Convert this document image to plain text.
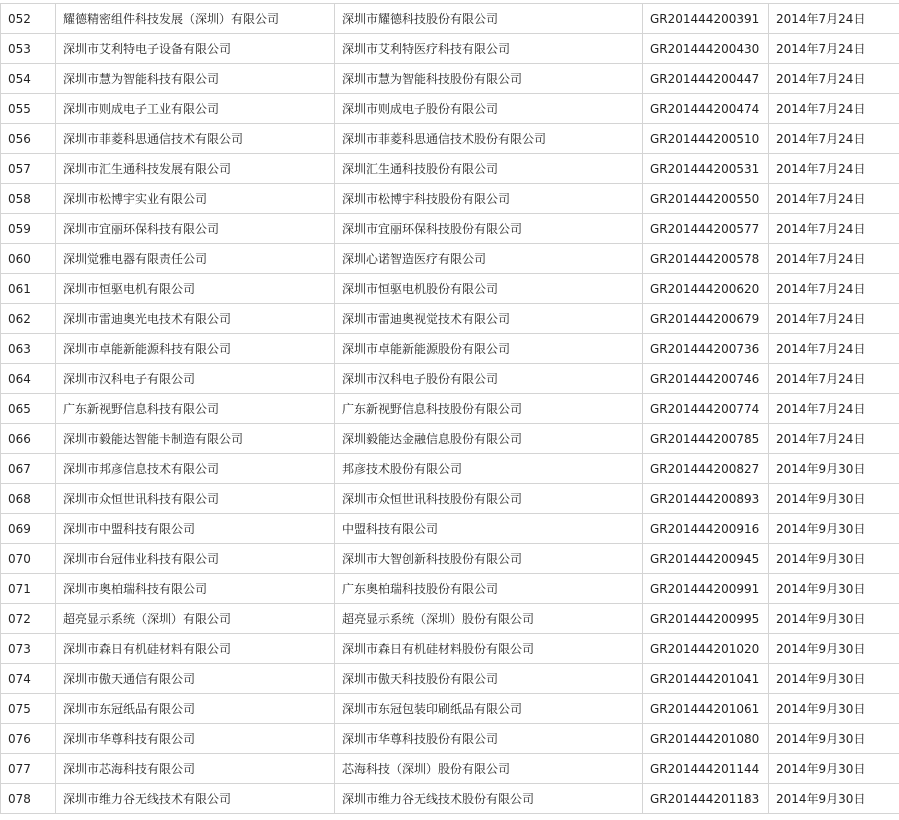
052	耀德精密组件科技发展（深圳）有限公司	深圳市耀德科技股份有限公司	GR201444200391	2014年7月24日
053	深圳市艾利特电子设备有限公司	深圳市艾利特医疗科技有限公司	GR201444200430	2014年7月24日
054	深圳市慧为智能科技有限公司	深圳市慧为智能科技股份有限公司	GR201444200447	2014年7月24日
055	深圳市则成电子工业有限公司	深圳市则成电子股份有限公司	GR201444200474	2014年7月24日
056	深圳市菲菱科思通信技术有限公司	深圳市菲菱科思通信技术股份有限公司	GR201444200510	2014年7月24日
057	深圳市汇生通科技发展有限公司	深圳汇生通科技股份有限公司	GR201444200531	2014年7月24日
058	深圳市松博宇实业有限公司	深圳市松博宇科技股份有限公司	GR201444200550	2014年7月24日
059	深圳市宜丽环保科技有限公司	深圳市宜丽环保科技股份有限公司	GR201444200577	2014年7月24日
060	深圳觉雅电器有限责任公司	深圳心诺智造医疗有限公司	GR201444200578	2014年7月24日
061	深圳市恒驱电机有限公司	深圳市恒驱电机股份有限公司	GR201444200620	2014年7月24日
062	深圳市雷迪奥光电技术有限公司	深圳市雷迪奥视觉技术有限公司	GR201444200679	2014年7月24日
063	深圳市卓能新能源科技有限公司	深圳市卓能新能源股份有限公司	GR201444200736	2014年7月24日
064	深圳市汉科电子有限公司	深圳市汉科电子股份有限公司	GR201444200746	2014年7月24日
065	广东新视野信息科技有限公司	广东新视野信息科技股份有限公司	GR201444200774	2014年7月24日
066	深圳市毅能达智能卡制造有限公司	深圳毅能达金融信息股份有限公司	GR201444200785	2014年7月24日
067	深圳市邦彦信息技术有限公司	邦彦技术股份有限公司	GR201444200827	2014年9月30日
068	深圳市众恒世讯科技有限公司	深圳市众恒世讯科技股份有限公司	GR201444200893	2014年9月30日
069	深圳市中盟科技有限公司	中盟科技有限公司	GR201444200916	2014年9月30日
070	深圳市台冠伟业科技有限公司	深圳市大智创新科技股份有限公司	GR201444200945	2014年9月30日
071	深圳市奥柏瑞科技有限公司	广东奥柏瑞科技股份有限公司	GR201444200991	2014年9月30日
072	超亮显示系统（深圳）有限公司	超亮显示系统（深圳）股份有限公司	GR201444200995	2014年9月30日
073	深圳市森日有机硅材料有限公司	深圳市森日有机硅材料股份有限公司	GR201444201020	2014年9月30日
074	深圳市傲天通信有限公司	深圳市傲天科技股份有限公司	GR201444201041	2014年9月30日
075	深圳市东冠纸品有限公司	深圳市东冠包装印刷纸品有限公司	GR201444201061	2014年9月30日
076	深圳市华尊科技有限公司	深圳市华尊科技股份有限公司	GR201444201080	2014年9月30日
077	深圳市芯海科技有限公司	芯海科技（深圳）股份有限公司	GR201444201144	2014年9月30日
078	深圳市维力谷无线技术有限公司	深圳市维力谷无线技术股份有限公司	GR201444201183	2014年9月30日
